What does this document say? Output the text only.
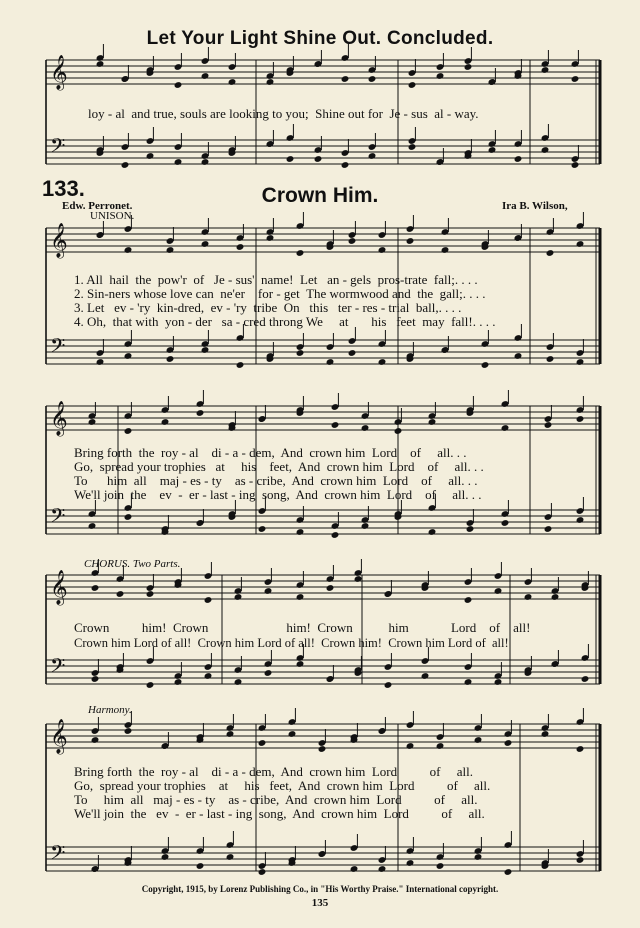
𝄞
𝄢
𝄞
𝄢
𝄞
𝄢
𝄞
𝄢
𝄞
𝄢
Let Your Light Shine Out. Concluded.
loy - al  and true, souls are looking to you;  Shine out for  Je - sus  al - way.
133.	Crown Him.
Edw. Perronet.	Ira B. Wilson,
UNISON.
1. All  hail  the  pow'r  of   Je - sus'  name!  Let   an - gels  pros-trate  fall;. . . .
2. Sin-ners whose love can  ne'er    for - get  The wormwood and  the  gall;. . . .
3. Let   ev - 'ry  kin-dred,  ev - 'ry  tribe  On   this   ter - res - trial  ball,. . . .
4. Oh,  that with  yon - der   sa - cred throng We     at       his   feet  may  fall!. . . .
Bring forth  the  roy - al    di - a - dem,  And  crown him  Lord    of     all. . .
Go,  spread your trophies   at     his    feet,  And  crown him  Lord    of     all. . .
To      him  all    maj - es - ty    as - cribe,  And  crown him  Lord    of     all. . .
We'll join  the    ev  -  er - last - ing  song,  And  crown him  Lord    of     all. . .
CHORUS. Two Parts.
Crown          him!  Crown                        him!  Crown           him             Lord    of    all!
Crown him Lord of all!  Crown him Lord of all!  Crown him!  Crown him Lord of  all!
Harmony.
Bring forth  the  roy - al    di - a - dem,  And  crown him  Lord          of     all.
Go,  spread your trophies    at     his   feet,  And  crown him  Lord          of     all.
To     him  all   maj - es - ty    as - cribe,  And  crown him  Lord          of     all.
We'll join  the   ev  -  er - last - ing  song,  And  crown him  Lord          of     all.
Copyright, 1915, by Lorenz Publishing Co., in "His Worthy Praise." International copyright.
135
